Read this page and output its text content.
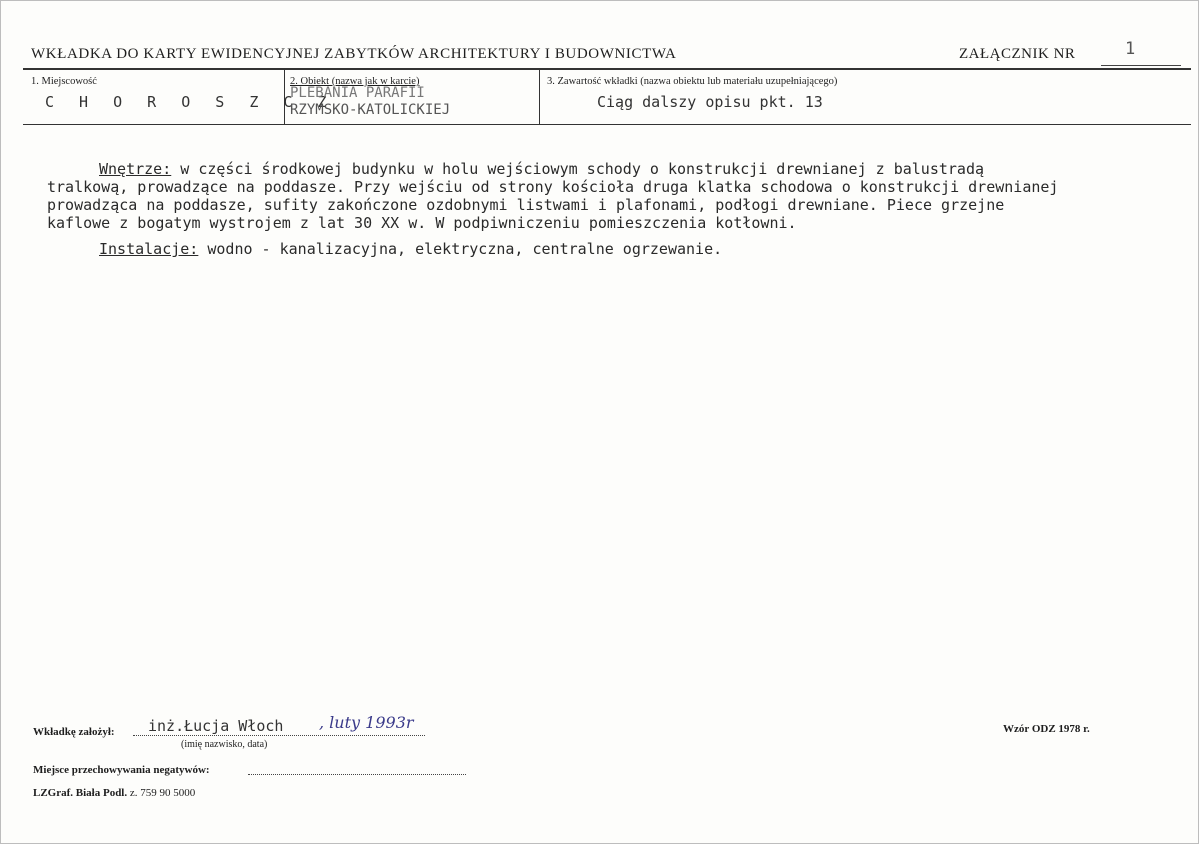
WKŁADKA DO KARTY EWIDENCYJNEJ ZABYTKÓW ARCHITEKTURY I BUDOWNICTWA	ZAŁĄCZNIK NR	1
1. Miejscowość
C H O R O S Z C Z
2. Obiekt (nazwa jak w karcie)
PLEBANIA PARAFII
RZYMSKO-KATOLICKIEJ
3. Zawartość wkładki (nazwa obiektu lub materiału uzupełniającego)
Ciąg dalszy opisu pkt. 13
Wnętrze: w części środkowej budynku w holu wejściowym schody o konstrukcji drewnianej z balustradą
tralkową, prowadzące na poddasze. Przy wejściu od strony kościoła druga klatka schodowa o konstrukcji drewnianej
prowadząca na poddasze, sufity zakończone ozdobnymi listwami i plafonami, podłogi drewniane. Piece grzejne
kaflowe z bogatym wystrojem z lat 30 XX w. W podpiwniczeniu pomieszczenia kotłowni.
Instalacje: wodno - kanalizacyjna, elektryczna, centralne ogrzewanie.
Wkładkę założył: inż.Łucja Włoch , luty 1993r
(imię nazwisko, data)
Wzór ODZ 1978 r.
Miejsce przechowywania negatywów:
LZGraf. Biała Podl. z. 759 90 5000
